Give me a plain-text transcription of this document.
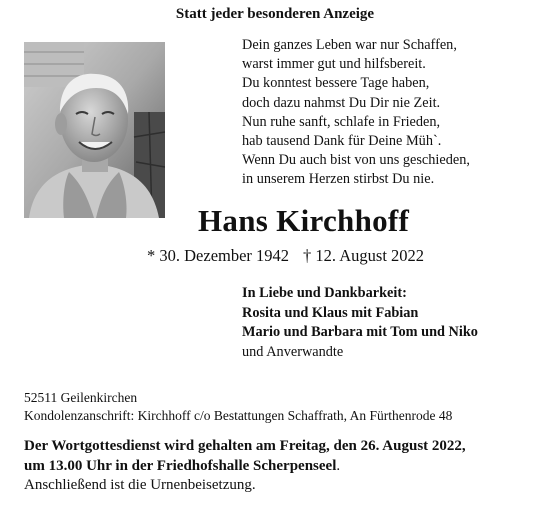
Statt jeder besonderen Anzeige
Dein ganzes Leben war nur Schaffen,
warst immer gut und hilfsbereit.
Du konntest bessere Tage haben,
doch dazu nahmst Du Dir nie Zeit.
Nun ruhe sanft, schlafe in Frieden,
hab tausend Dank für Deine Müh`.
Wenn Du auch bist von uns geschieden,
in unserem Herzen stirbst Du nie.
Hans Kirchhoff
* 30. Dezember 1942 † 12. August 2022
In Liebe und Dankbarkeit:
Rosita und Klaus mit Fabian
Mario und Barbara mit Tom und Niko
und Anverwandte
52511 Geilenkirchen
Kondolenzanschrift: Kirchhoff c/o Bestattungen Schaffrath, An Fürthenrode 48
Der Wortgottesdienst wird gehalten am Freitag, den 26. August 2022,
um 13.00 Uhr in der Friedhofshalle Scherpenseel.
Anschließend ist die Urnenbeisetzung.
